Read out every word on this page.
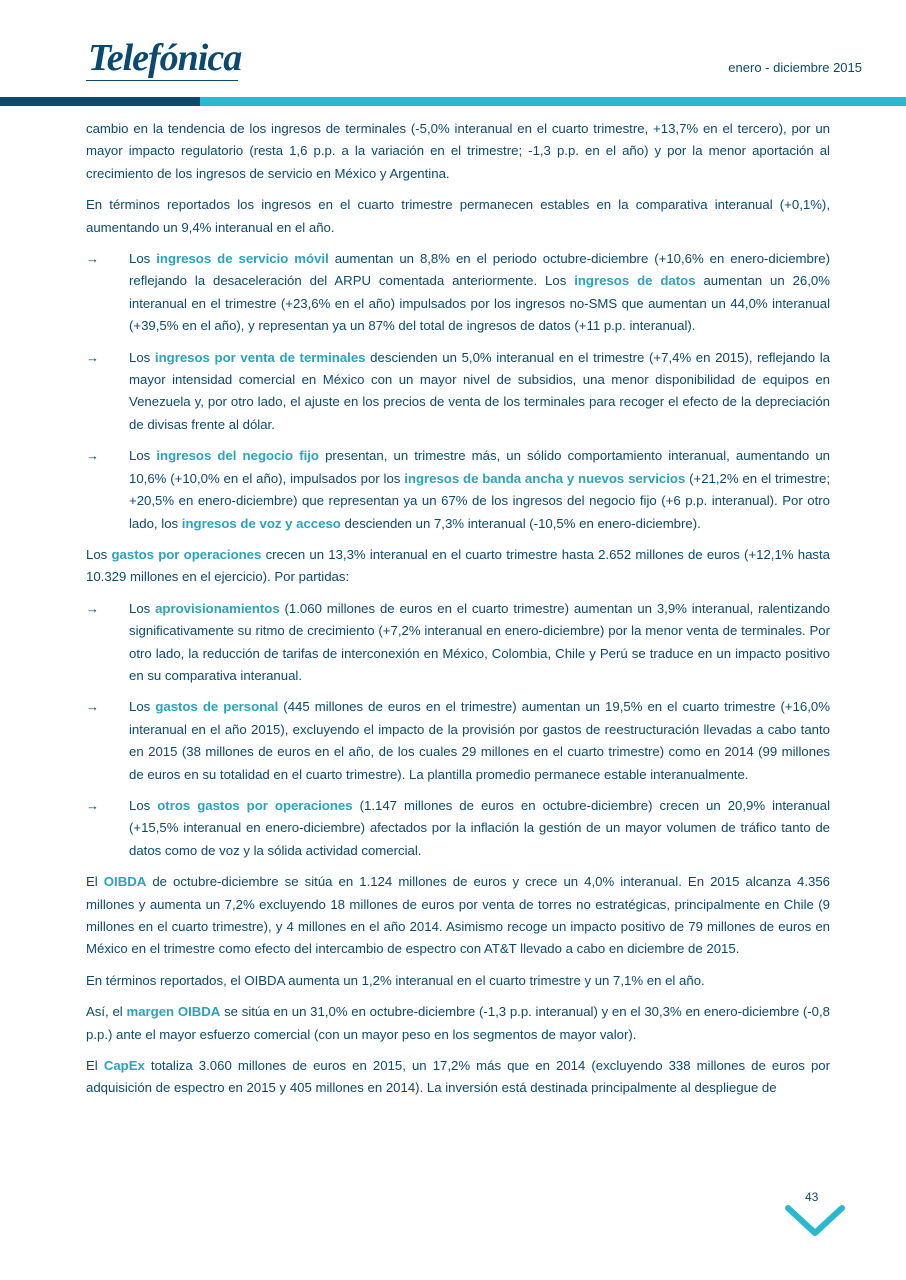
Telefónica	enero - diciembre 2015

cambio en la tendencia de los ingresos de terminales (-5,0% interanual en el cuarto trimestre, +13,7% en el tercero), por un mayor impacto regulatorio (resta 1,6 p.p. a la variación en el trimestre; -1,3 p.p. en el año) y por la menor aportación al crecimiento de los ingresos de servicio en México y Argentina.

En términos reportados los ingresos en el cuarto trimestre permanecen estables en la comparativa interanual (+0,1%), aumentando un 9,4% interanual en el año.

→ Los ingresos de servicio móvil aumentan un 8,8% en el periodo octubre-diciembre (+10,6% en enero-diciembre) reflejando la desaceleración del ARPU comentada anteriormente. Los ingresos de datos aumentan un 26,0% interanual en el trimestre (+23,6% en el año) impulsados por los ingresos no-SMS que aumentan un 44,0% interanual (+39,5% en el año), y representan ya un 87% del total de ingresos de datos (+11 p.p. interanual).

→ Los ingresos por venta de terminales descienden un 5,0% interanual en el trimestre (+7,4% en 2015), reflejando la mayor intensidad comercial en México con un mayor nivel de subsidios, una menor disponibilidad de equipos en Venezuela y, por otro lado, el ajuste en los precios de venta de los terminales para recoger el efecto de la depreciación de divisas frente al dólar.

→ Los ingresos del negocio fijo presentan, un trimestre más, un sólido comportamiento interanual, aumentando un 10,6% (+10,0% en el año), impulsados por los ingresos de banda ancha y nuevos servicios (+21,2% en el trimestre; +20,5% en enero-diciembre) que representan ya un 67% de los ingresos del negocio fijo (+6 p.p. interanual). Por otro lado, los ingresos de voz y acceso descienden un 7,3% interanual (-10,5% en enero-diciembre).

Los gastos por operaciones crecen un 13,3% interanual en el cuarto trimestre hasta 2.652 millones de euros (+12,1% hasta 10.329 millones en el ejercicio). Por partidas:

→ Los aprovisionamientos (1.060 millones de euros en el cuarto trimestre) aumentan un 3,9% interanual, ralentizando significativamente su ritmo de crecimiento (+7,2% interanual en enero-diciembre) por la menor venta de terminales. Por otro lado, la reducción de tarifas de interconexión en México, Colombia, Chile y Perú se traduce en un impacto positivo en su comparativa interanual.

→ Los gastos de personal (445 millones de euros en el trimestre) aumentan un 19,5% en el cuarto trimestre (+16,0% interanual en el año 2015), excluyendo el impacto de la provisión por gastos de reestructuración llevadas a cabo tanto en 2015 (38 millones de euros en el año, de los cuales 29 millones en el cuarto trimestre) como en 2014 (99 millones de euros en su totalidad en el cuarto trimestre). La plantilla promedio permanece estable interanualmente.

→ Los otros gastos por operaciones (1.147 millones de euros en octubre-diciembre) crecen un 20,9% interanual (+15,5% interanual en enero-diciembre) afectados por la inflación la gestión de un mayor volumen de tráfico tanto de datos como de voz y la sólida actividad comercial.

El OIBDA de octubre-diciembre se sitúa en 1.124 millones de euros y crece un 4,0% interanual. En 2015 alcanza 4.356 millones y aumenta un 7,2% excluyendo 18 millones de euros por venta de torres no estratégicas, principalmente en Chile (9 millones en el cuarto trimestre), y 4 millones en el año 2014. Asimismo recoge un impacto positivo de 79 millones de euros en México en el trimestre como efecto del intercambio de espectro con AT&T llevado a cabo en diciembre de 2015.

En términos reportados, el OIBDA aumenta un 1,2% interanual en el cuarto trimestre y un 7,1% en el año.

Así, el margen OIBDA se sitúa en un 31,0% en octubre-diciembre (-1,3 p.p. interanual) y en el 30,3% en enero-diciembre (-0,8 p.p.) ante el mayor esfuerzo comercial (con un mayor peso en los segmentos de mayor valor).

El CapEx totaliza 3.060 millones de euros en 2015, un 17,2% más que en 2014 (excluyendo 338 millones de euros por adquisición de espectro en 2015 y 405 millones en 2014). La inversión está destinada principalmente al despliegue de

43
